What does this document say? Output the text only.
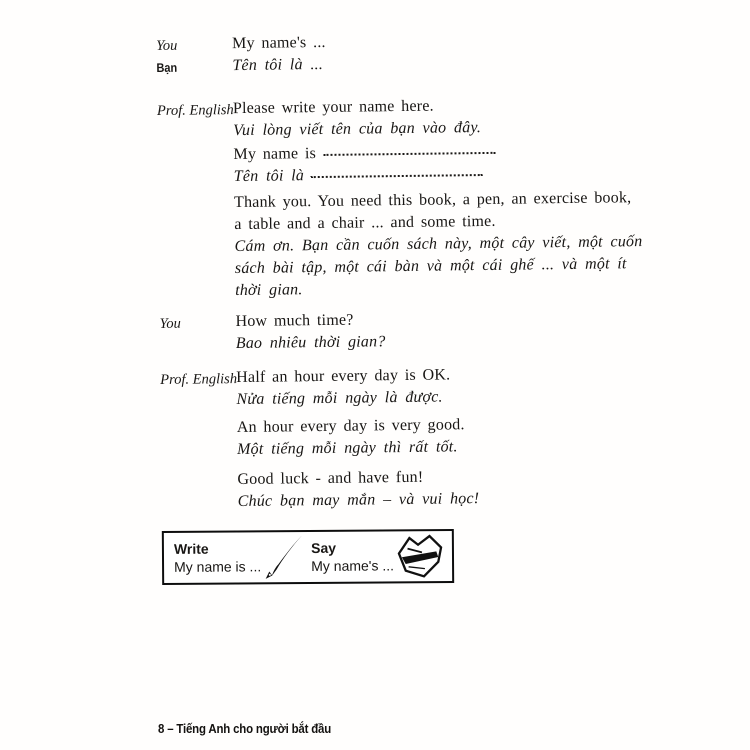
You
Bạn

My name's ...

Tên tôi là ...

Prof. English

Please write your name here.

Vui lòng viết tên của bạn vào đây.

My name is

Tên tôi là

Thank you. You need this book, a pen, an exercise book,

a table and a chair ... and some time.

Cám ơn. Bạn cần cuốn sách này, một cây viết, một cuốn

sách bài tập, một cái bàn và một cái ghế ... và một ít

thời gian.

You	How much time?

Bao nhiêu thời gian?

Prof. English

Half an hour every day is OK.

Nửa tiếng mỗi ngày là được.

An hour every day is very good.

Một tiếng mỗi ngày thì rất tốt.

Good luck - and have fun!

Chúc bạn may mắn – và vui học!

Write
My name is ...
Say
My name's ...
8 – Tiếng Anh cho người bắt đầu
